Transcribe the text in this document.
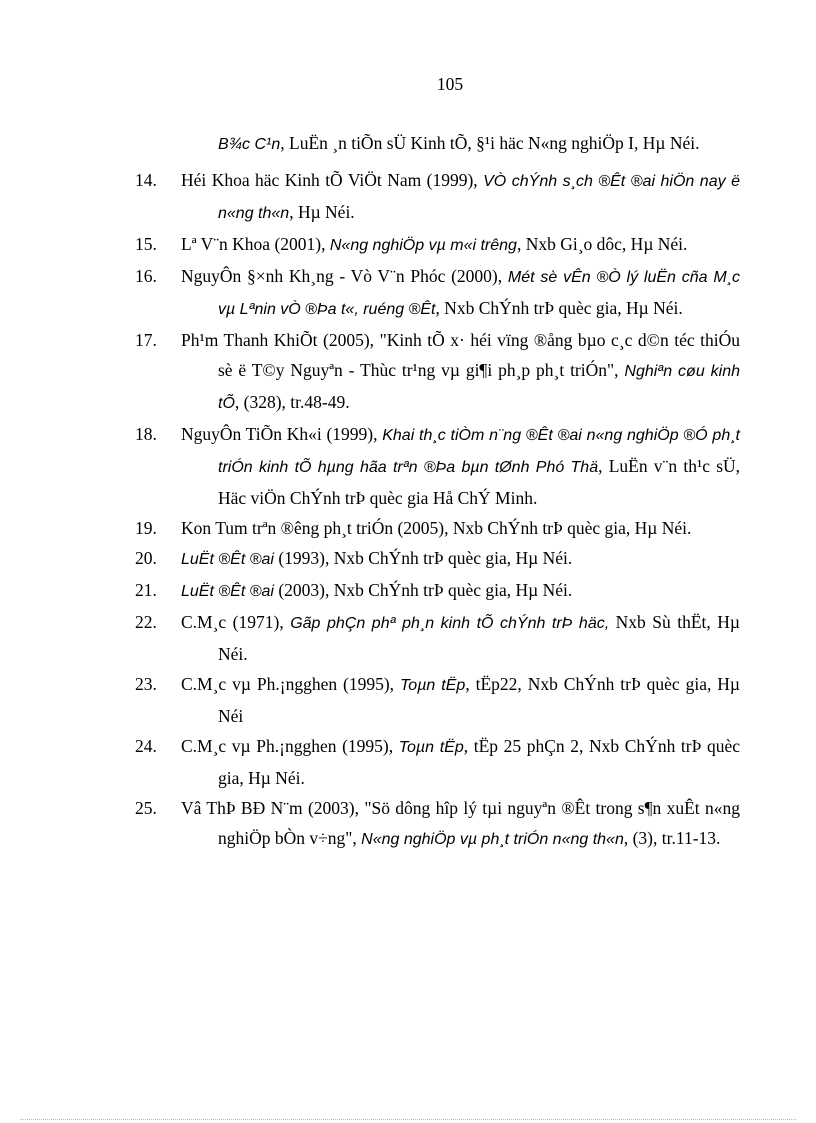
105
B¾c C¹n, LuËn ¸n tiÕn sÜ Kinh tÕ, §¹i häc N«ng nghiÖp I, Hµ Néi.
14. Héi Khoa häc Kinh tÕ ViÖt Nam (1999), VÒ chÝnh s¸ch ®Êt ®ai hiÖn nay ë n«ng th«n, Hµ Néi.
15. Lª V¨n Khoa (2001), N«ng nghiÖp vµ m«i trêng, Nxb Gi¸o dôc, Hµ Néi.
16. NguyÔn §×nh Kh¸ng - Vò V¨n Phóc (2000), Mét sè vÊn ®Ò lý luËn cña M¸c vµ Lªnin vÒ ®Þa t«, ruéng ®Êt, Nxb ChÝnh trÞ quèc gia, Hµ Néi.
17. Ph¹m Thanh KhiÕt (2005), "Kinh tÕ x· héi vïng ®ång bµo c¸c d©n téc thiÓu sè ë T©y Nguyªn - Thùc tr¹ng vµ gi¶i ph¸p ph¸t triÓn", Nghiªn cøu kinh tÕ, (328), tr.48-49.
18. NguyÔn TiÕn Kh«i (1999), Khai th¸c tiÒm n¨ng ®Êt ®ai n«ng nghiÖp ®Ó ph¸t triÓn kinh tÕ hµng hãa trªn ®Þa bµn tØnh Phó Thä, LuËn v¨n th¹c sÜ, Häc viÖn ChÝnh trÞ quèc gia Hå ChÝ Minh.
19. Kon Tum trªn ®êng ph¸t triÓn (2005), Nxb ChÝnh trÞ quèc gia, Hµ Néi.
20. LuËt ®Êt ®ai (1993), Nxb ChÝnh trÞ quèc gia, Hµ Néi.
21. LuËt ®Êt ®ai (2003), Nxb ChÝnh trÞ quèc gia, Hµ Néi.
22. C.M¸c (1971), Gãp phÇn phª ph¸n kinh tÕ chÝnh trÞ häc, Nxb Sù thËt, Hµ Néi.
23. C.M¸c vµ Ph.¡ngghen (1995), Toµn tËp, tËp22, Nxb ChÝnh trÞ quèc gia, Hµ Néi
24. C.M¸c vµ Ph.¡ngghen (1995), Toµn tËp, tËp 25 phÇn 2, Nxb ChÝnh trÞ quèc gia, Hµ Néi.
25. Vâ ThÞ BÐ N¨m (2003), "Sö dông hîp lý tµi nguyªn ®Êt trong s¶n xuÊt n«ng nghiÖp bÒn v÷ng", N«ng nghiÖp vµ ph¸t triÓn n«ng th«n, (3), tr.11-13.
